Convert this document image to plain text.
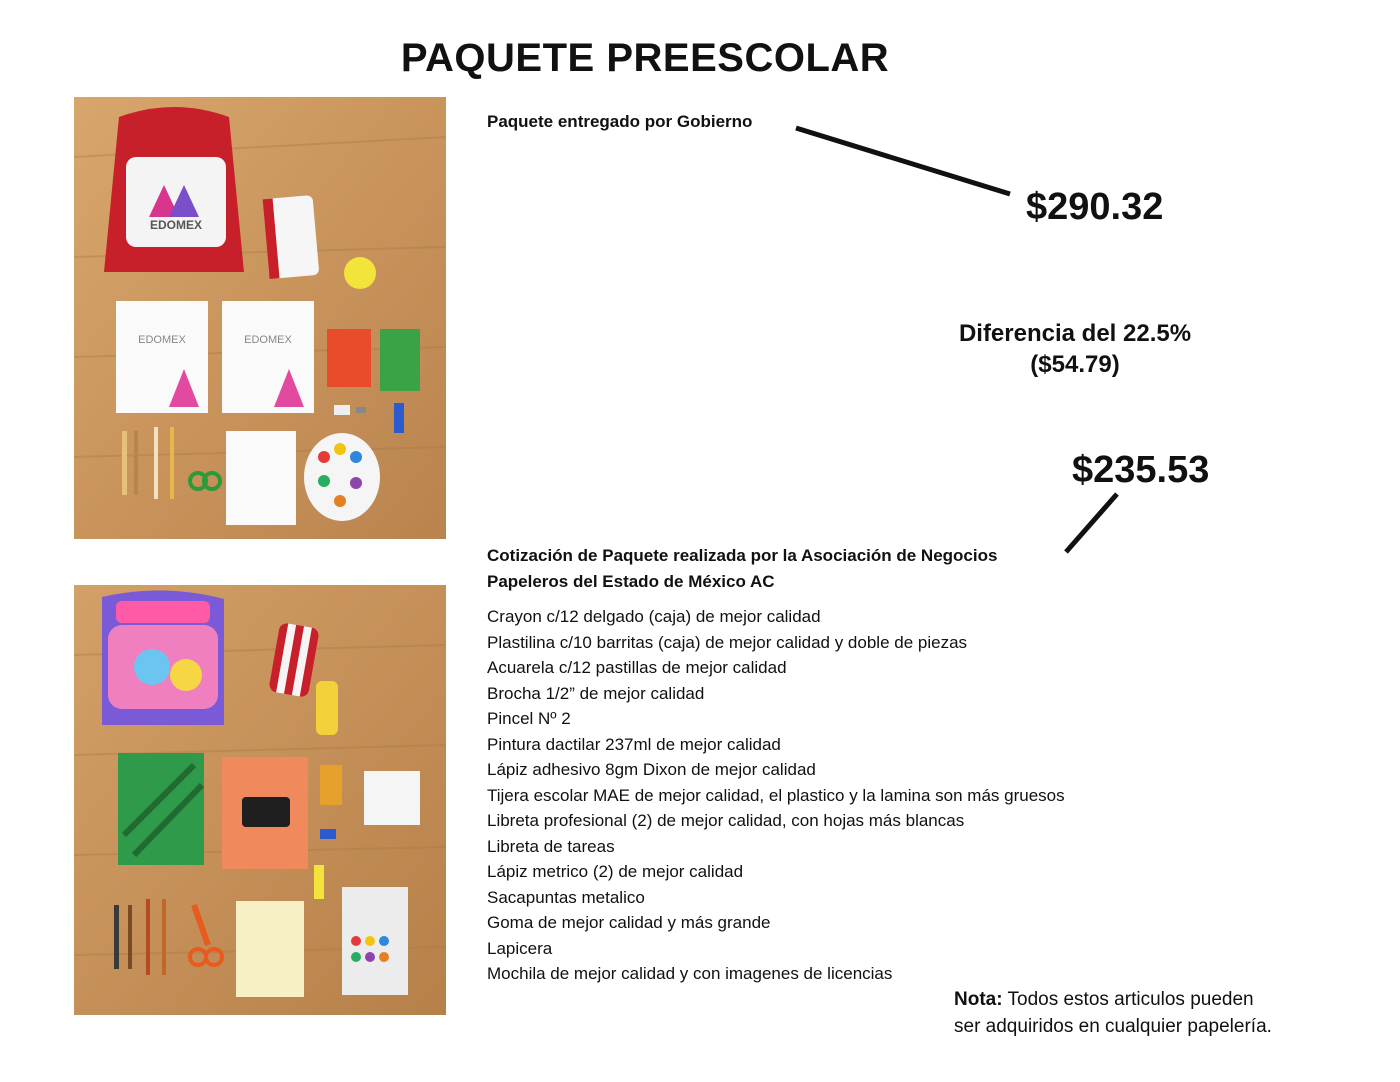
PAQUETE PREESCOLAR
EDOMEX
EDOMEX	EDOMEX
Paquete entregado por Gobierno
$290.32
Diferencia del 22.5%
($54.79)
$235.53
Cotización de Paquete realizada por la Asociación de Negocios
Papeleros del Estado de México AC
Crayon c/12 delgado (caja) de mejor calidad
Plastilina c/10 barritas (caja) de mejor calidad y doble de piezas
Acuarela c/12 pastillas de mejor calidad
Brocha 1/2” de mejor calidad
Pincel Nº 2
Pintura dactilar 237ml de mejor calidad
Lápiz adhesivo 8gm Dixon de mejor calidad
Tijera escolar MAE de mejor calidad, el plastico y la lamina son más gruesos
Libreta profesional (2) de mejor calidad, con hojas más blancas
Libreta de tareas
Lápiz metrico (2) de mejor calidad
Sacapuntas metalico
Goma de mejor calidad y más grande
Lapicera
Mochila de mejor calidad y con imagenes de licencias
Nota: Todos estos articulos pueden
ser adquiridos en cualquier papelería.
